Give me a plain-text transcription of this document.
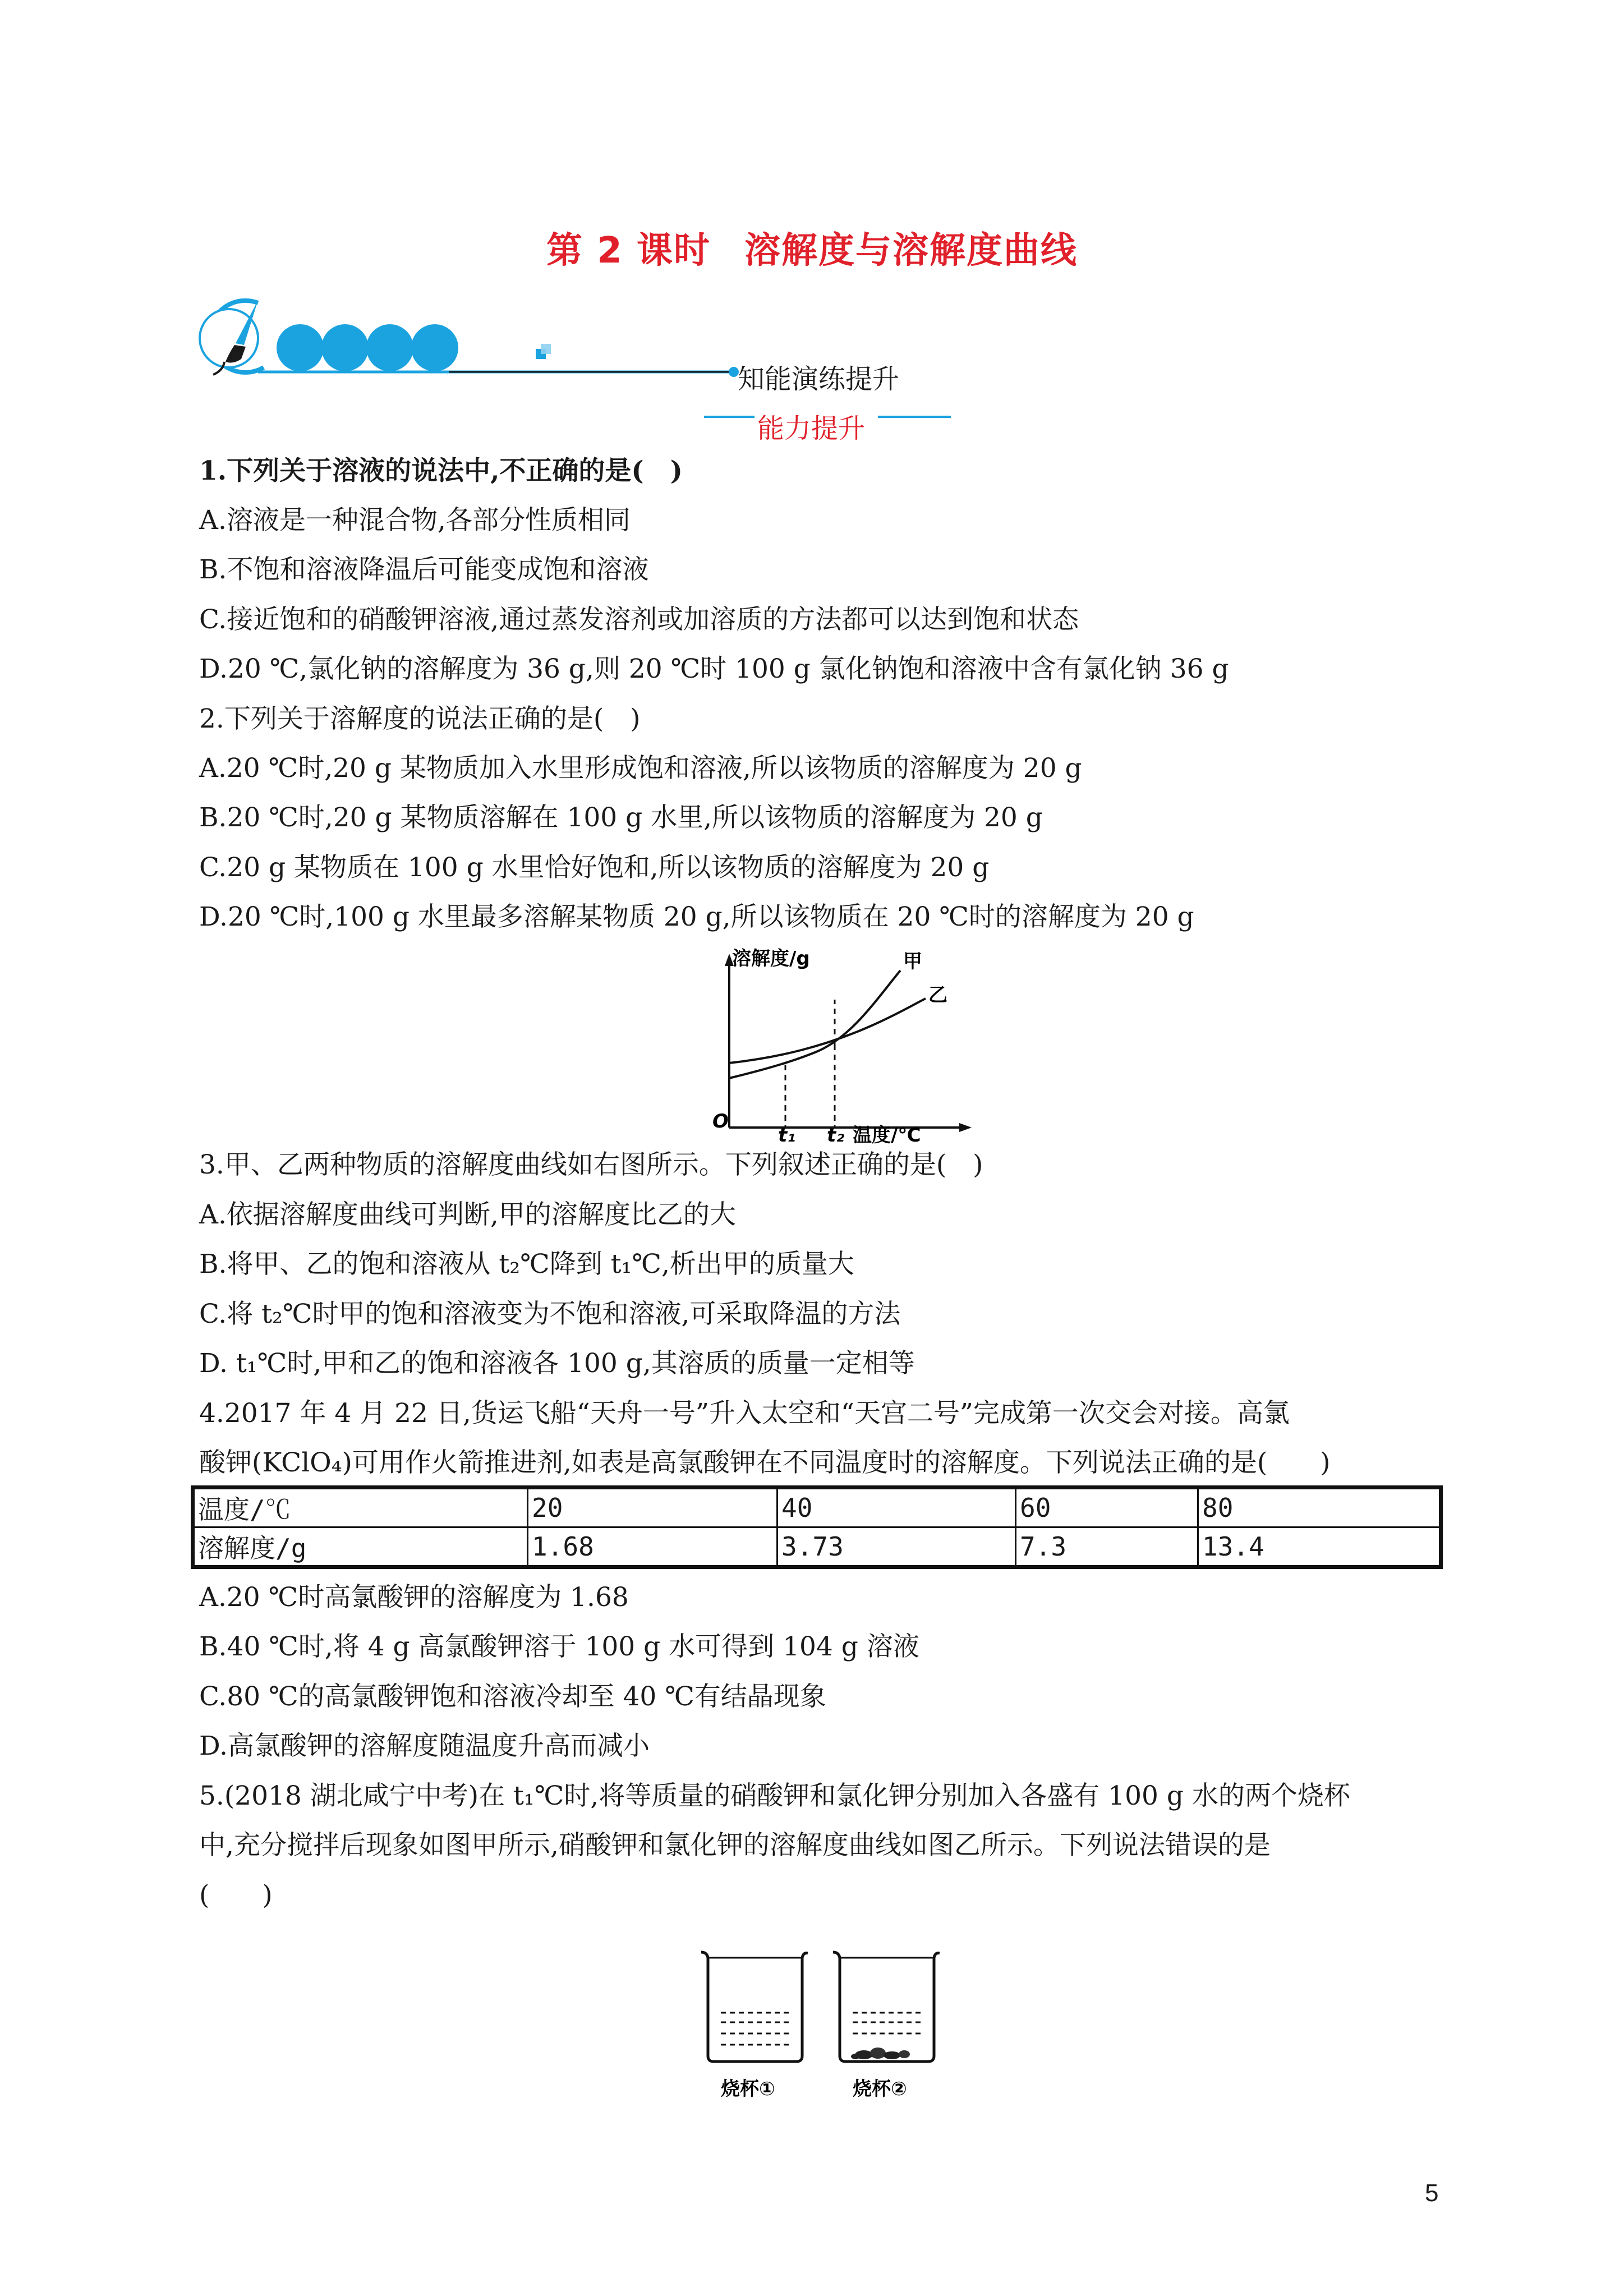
第 2 课时 溶解度与溶解度曲线
知能演练提升
能力提升
1.下列关于溶液的说法中,不正确的是(　)
A.溶液是一种混合物,各部分性质相同
B.不饱和溶液降温后可能变成饱和溶液
C.接近饱和的硝酸钾溶液,通过蒸发溶剂或加溶质的方法都可以达到饱和状态
D.20 ℃,氯化钠的溶解度为 36 g,则 20 ℃时 100 g 氯化钠饱和溶液中含有氯化钠 36 g
2.下列关于溶解度的说法正确的是(　)
A.20 ℃时,20 g 某物质加入水里形成饱和溶液,所以该物质的溶解度为 20 g
B.20 ℃时,20 g 某物质溶解在 100 g 水里,所以该物质的溶解度为 20 g
C.20 g 某物质在 100 g 水里恰好饱和,所以该物质的溶解度为 20 g
D.20 ℃时,100 g 水里最多溶解某物质 20 g,所以该物质在 20 ℃时的溶解度为 20 g
溶解度/g	甲
乙
O
t₁ t₂ 温度/℃
3.甲、乙两种物质的溶解度曲线如右图所示。下列叙述正确的是(　)
A.依据溶解度曲线可判断,甲的溶解度比乙的大
B.将甲、乙的饱和溶液从 t₂℃降到 t₁℃,析出甲的质量大
C.将 t₂℃时甲的饱和溶液变为不饱和溶液,可采取降温的方法
D. t₁℃时,甲和乙的饱和溶液各 100 g,其溶质的质量一定相等
4.2017 年 4 月 22 日,货运飞船“天舟一号”升入太空和“天宫二号”完成第一次交会对接。高氯
酸钾(KClO₄)可用作火箭推进剂,如表是高氯酸钾在不同温度时的溶解度。下列说法正确的是(　　)
温度/℃	20	40	60	80
溶解度/g	1.68	3.73	7.3	13.4
A.20 ℃时高氯酸钾的溶解度为 1.68
B.40 ℃时,将 4 g 高氯酸钾溶于 100 g 水可得到 104 g 溶液
C.80 ℃的高氯酸钾饱和溶液冷却至 40 ℃有结晶现象
D.高氯酸钾的溶解度随温度升高而减小
5.(2018 湖北咸宁中考)在 t₁℃时,将等质量的硝酸钾和氯化钾分别加入各盛有 100 g 水的两个烧杯
中,充分搅拌后现象如图甲所示,硝酸钾和氯化钾的溶解度曲线如图乙所示。下列说法错误的是
(　　)
烧杯①	烧杯②
5
